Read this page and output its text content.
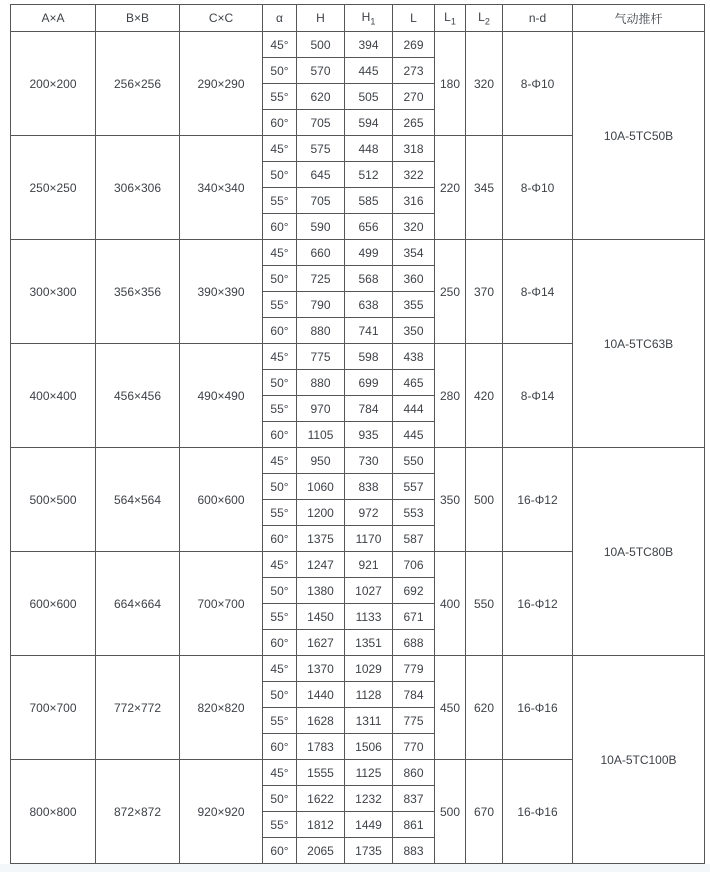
A×A	B×B	C×C	α	H	$H_1$	L	$L_1$	$L_2$	n-d	气动推杆
200×200	256×256	290×290	45°	500	394	269	180	320	8-Φ10	10A-5TC50B
			50°	570	445	273				
			55°	620	505	270				
			60°	705	594	265				
250×250	306×306	340×340	45°	575	448	318	220	345	8-Φ10	
			50°	645	512	322				
			55°	705	585	316				
			60°	590	656	320				
300×300	356×356	390×390	45°	660	499	354	250	370	8-Φ14	10A-5TC63B
			50°	725	568	360				
			55°	790	638	355				
			60°	880	741	350				
400×400	456×456	490×490	45°	775	598	438	280	420	8-Φ14	
			50°	880	699	465				
			55°	970	784	444				
			60°	1105	935	445				
500×500	564×564	600×600	45°	950	730	550	350	500	16-Φ12	10A-5TC80B
			50°	1060	838	557				
			55°	1200	972	553				
			60°	1375	1170	587				
600×600	664×664	700×700	45°	1247	921	706	400	550	16-Φ12	
			50°	1380	1027	692				
			55°	1450	1133	671				
			60°	1627	1351	688				
700×700	772×772	820×820	45°	1370	1029	779	450	620	16-Φ16	10A-5TC100B
			50°	1440	1128	784				
			55°	1628	1311	775				
			60°	1783	1506	770				
800×800	872×872	920×920	45°	1555	1125	860	500	670	16-Φ16	
			50°	1622	1232	837				
			55°	1812	1449	861				
			60°	2065	1735	883				
